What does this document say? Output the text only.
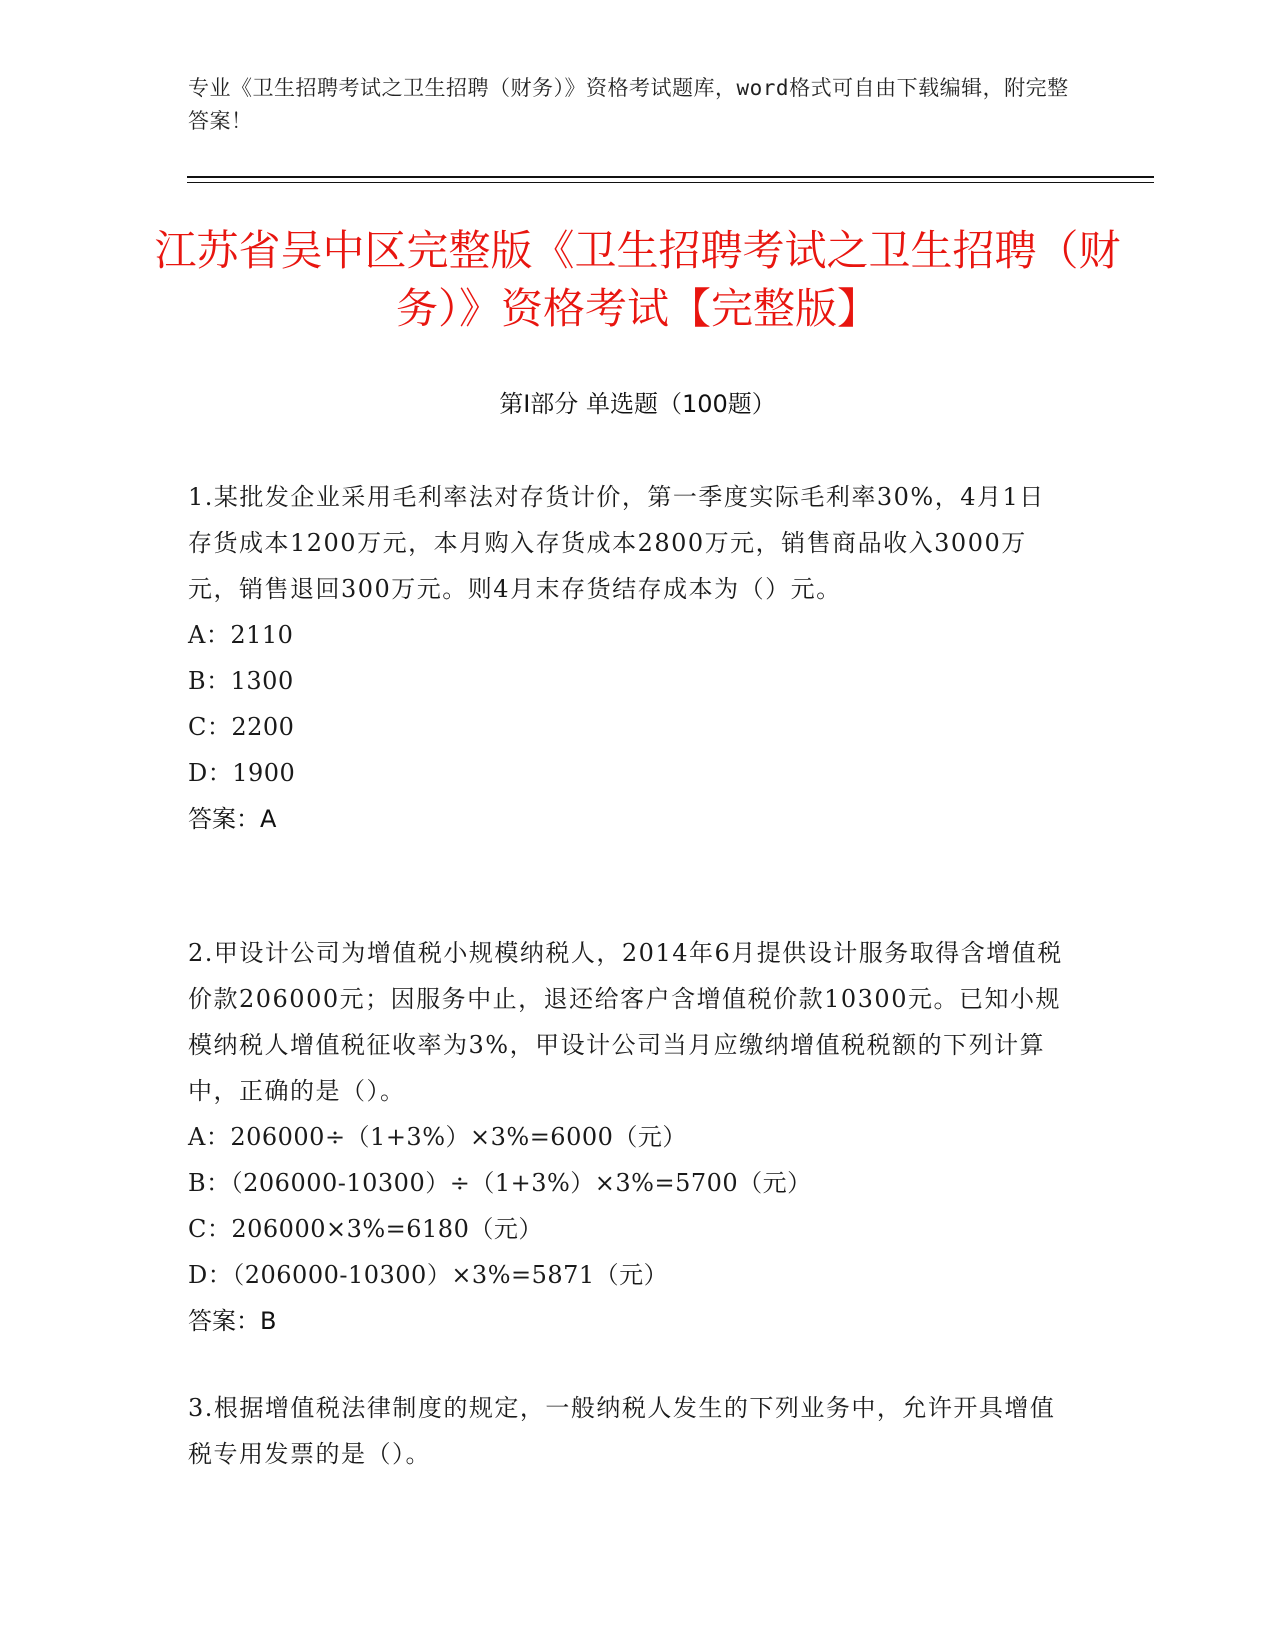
专业《卫生招聘考试之卫生招聘（财务）》资格考试题库，word格式可自由下载编辑，附完整答案！
江苏省吴中区完整版《卫生招聘考试之卫生招聘（财务）》资格考试【完整版】
第Ⅰ部分 单选题（100题）
1.某批发企业采用毛利率法对存货计价，第一季度实际毛利率30%，4月1日存货成本1200万元，本月购入存货成本2800万元，销售商品收入3000万元，销售退回300万元。则4月末存货结存成本为（）元。
A：2110
B：1300
C：2200
D：1900
答案：A
2.甲设计公司为增值税小规模纳税人，2014年6月提供设计服务取得含增值税价款206000元；因服务中止，退还给客户含增值税价款10300元。已知小规模纳税人增值税征收率为3%，甲设计公司当月应缴纳增值税税额的下列计算中，正确的是（）。
A：206000÷（1+3%）×3%=6000（元）
B：（206000-10300）÷（1+3%）×3%=5700（元）
C：206000×3%=6180（元）
D：（206000-10300）×3%=5871（元）
答案：B
3.根据增值税法律制度的规定，一般纳税人发生的下列业务中，允许开具增值税专用发票的是（）。
